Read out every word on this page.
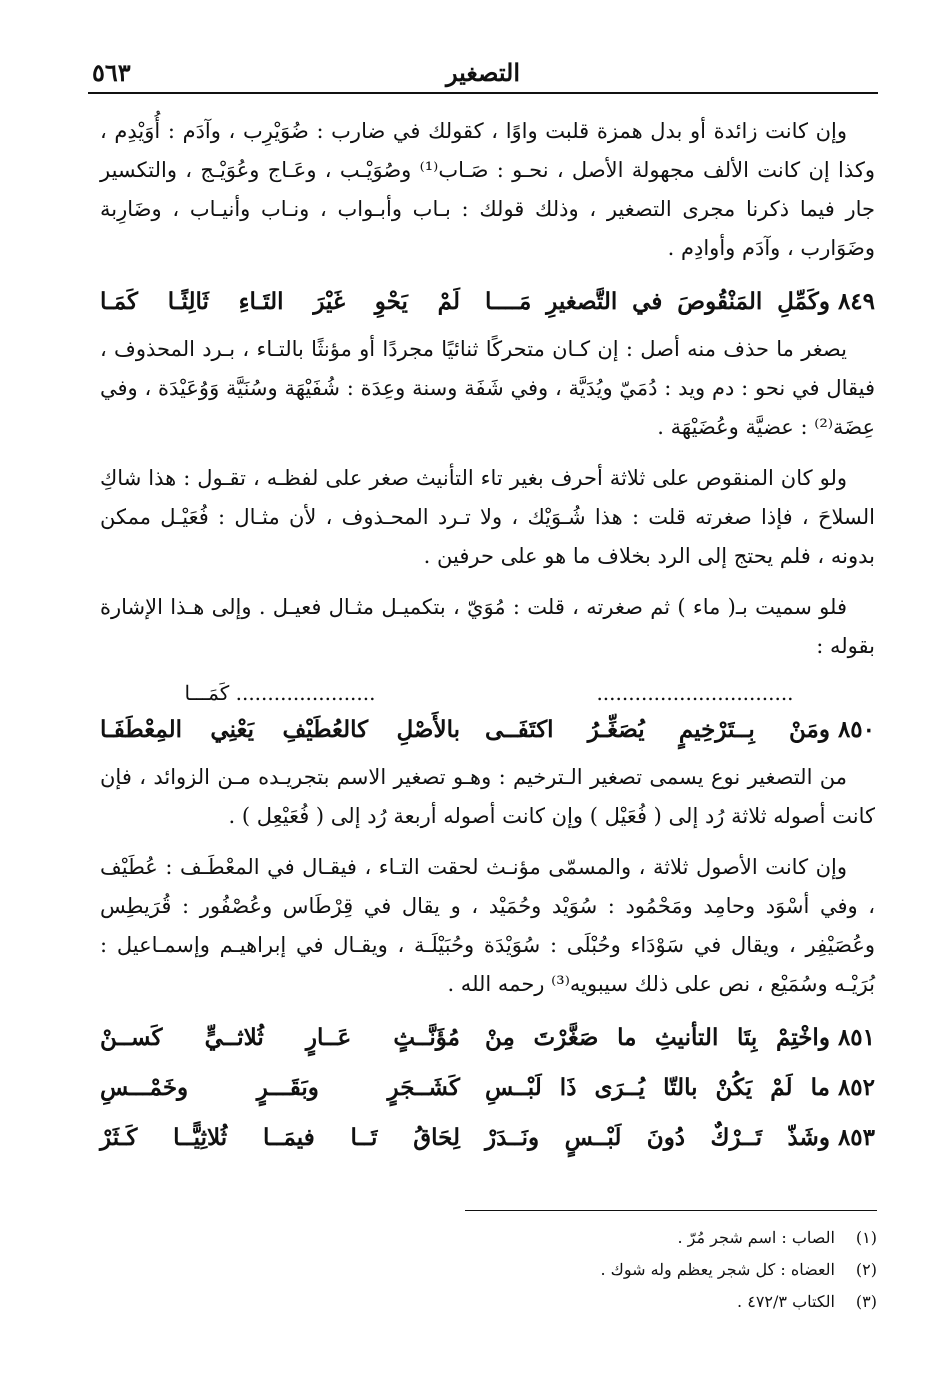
التصغير
٥٦٣

وإن كانت زائدة أو بدل همزة قلبت واوًا ، كقولك في ضارب : ضُوَيْرِب ، وآدَم : أُوَيْدِم ، وكذا إن كانت الألف مجهولة الأصل ، نحـو : صَـاب⁽¹⁾ وصُوَيْـب ، وعَـاج وعُوَيْـج ، والتكسير جار فيما ذكرنا مجرى التصغير ، وذلك قولك : بـاب وأبـواب ، ونـاب وأنيـاب ، وضَارِبة وضَوَارب ، وآدَم وأوادِم .

٨٤٩وكَمِّلِ المَنْقُوصَ في التَّصغيرِ مَــــا
لَمْ يَحْوِ غَيْرَ التَـاءِ ثَالِثًـا كَمَـا

يصغر ما حذف منه أصل : إن كـان متحركًا ثنائيًا مجردًا أو مؤنثًا بالتـاء ، بـرد المحذوف ، فيقال في نحو : دم ويد : دُمَيّ ويُدَيَّة ، وفي شَفَة وسنة وعِدَة : شُفَيْهَة وسُنَيَّة وَوُعَيْدَة ، وفي عِضَة⁽²⁾ : عضيَّة وعُضَيْهَة .

ولو كان المنقوص على ثلاثة أحرف بغير تاء التأنيث صغر على لفظـه ، تقـول : هذا شاكِ السلاحَ ، فإذا صغرته قلت : هذا شُـوَيْك ، ولا تـرد المحـذوف ، لأن مثـال : فُعَيْـل ممكن بدونه ، فلم يحتج إلى الرد بخلاف ما هو على حرفين .

فلو سميت بـ( ماء ) ثم صغرته ، قلت : مُوَيّ ، بتكميـل مثـال فعيـل . وإلى هـذا الإشارة بقوله :

...............................
...................... كَمَـــا
٨٥٠ومَنْ بِــتَرْخِيمٍ يُصَغِّـرُ اكتَفَــى
بالأَصْلِ كالعُطَيْفِ يَعْنِي المِعْطَفَـا

من التصغير نوع يسمى تصغير الـترخيم : وهـو تصغير الاسم بتجريـده مـن الزوائد ، فإن كانت أصوله ثلاثة رُد إلى ( فُعَيْل ) وإن كانت أصوله أربعة رُد إلى ( فُعَيْعِل ) .

وإن كانت الأصول ثلاثة ، والمسمّى مؤنـث لحقت التـاء ، فيقـال في المعْطَـف : عُطَيْف ، وفي أسْوَد وحامِد ومَحْمُود : سُوَيْد وحُمَيْد ، و يقال في قِرْطَاس وعُصْفُور : قُرَيطِس وعُصَيْفِر ، ويقال في سَوْدَاء وحُبْلَى : سُوَيْدَة وحُبَيْلَـة ، ويقـال في إبراهيـم وإسمـاعيل : بُرَيْـه وسُمَيْع ، نص على ذلك سيبويه⁽³⁾ رحمه الله .

٨٥١واخْتِمْ بِتَا التأنيثِ ما صَغَّرْتَ مِنْ
مُؤَنَّــثٍ عَــارٍ ثُلاثــيٍّ كَســنْ
٨٥٢ما لَمْ يَكُنْ بالتّا يُــرَى ذَا لَبْــسِ
كَشَــجَرٍ وبَقَـــرٍ وخَمْـــسِ
٨٥٣وشَذّ تَــرْكٌ دُونَ لَبْــسٍ ونَــدَرْ
لِحَاقُ تَــا فيمَــا ثُلاثِيًّــا كَـثَرْ
(١)
الصاب : اسم شجر مُرّ .
(٢)
العضاه : كل شجر يعظم وله شوك .
(٣)
الكتاب ٤٧٢/٣ .
